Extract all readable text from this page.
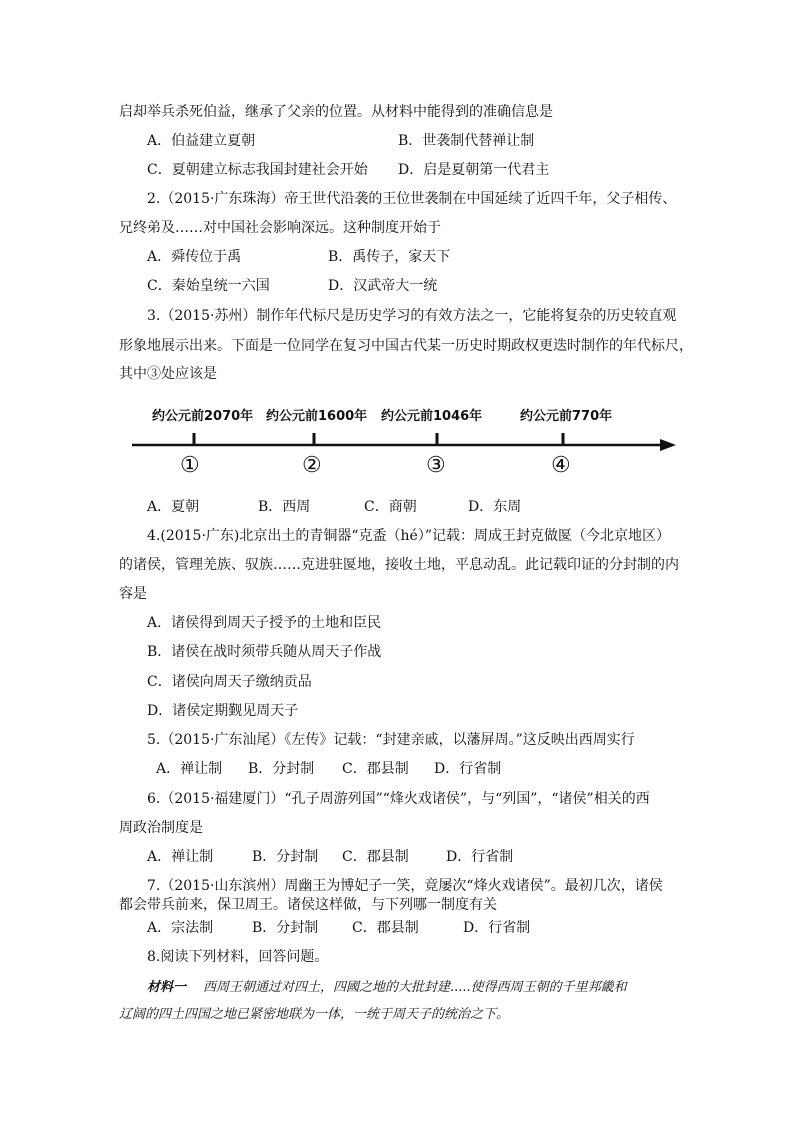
启却举兵杀死伯益，继承了父亲的位置。从材料中能得到的准确信息是
A．伯益建立夏朝	B．世袭制代替禅让制
C．夏朝建立标志我国封建社会开始 D．启是夏朝第一代君主
2.（2015·广东珠海）帝王世代沿袭的王位世袭制在中国延续了近四千年，父子相传、
兄终弟及……对中国社会影响深远。这种制度开始于
A．舜传位于禹	B．禹传子，家天下
C．秦始皇统一六国	D．汉武帝大一统
3.（2015·苏州）制作年代标尺是历史学习的有效方法之一，它能将复杂的历史较直观
形象地展示出来。下面是一位同学在复习中国古代某一历史时期政权更迭时制作的年代标尺，
其中③处应该是
约公元前2070年 约公元前1600年 约公元前1046年	约公元前770年
①	②	③	④
A．夏朝	B．西周	C．商朝	D．东周
4.(2015·广东)北京出土的青铜器“克盉（hé）”记载：周成王封克做匽（今北京地区）
的诸侯，管理羌族、驭族……克进驻匽地，接收土地，平息动乱。此记载印证的分封制的内
容是
A．诸侯得到周天子授予的土地和臣民
B．诸侯在战时须带兵随从周天子作战
C．诸侯向周天子缴纳贡品
D．诸侯定期觐见周天子
5.（2015·广东汕尾）《左传》记载：“封建亲戚，以藩屏周。”这反映出西周实行
A．禅让制 B．分封制 C．郡县制 D．行省制
6.（2015·福建厦门）“孔子周游列国”“烽火戏诸侯”，与“列国”，“诸侯”相关的西
周政治制度是
A．禅让制	B．分封制 C．郡县制	D．行省制
7.（2015·山东滨州）周幽王为博妃子一笑，竟屡次“烽火戏诸侯”。最初几次，诸侯
都会带兵前来，保卫周王。诸侯这样做，与下列哪一制度有关
A．宗法制	B．分封制 C．郡县制	D．行省制
8.阅读下列材料，回答问题。
材料一 西周王朝通过对四土，四國之地的大批封建.....使得西周王朝的千里邦畿和
辽阔的四土四国之地已紧密地联为一体，一统于周天子的统治之下。
